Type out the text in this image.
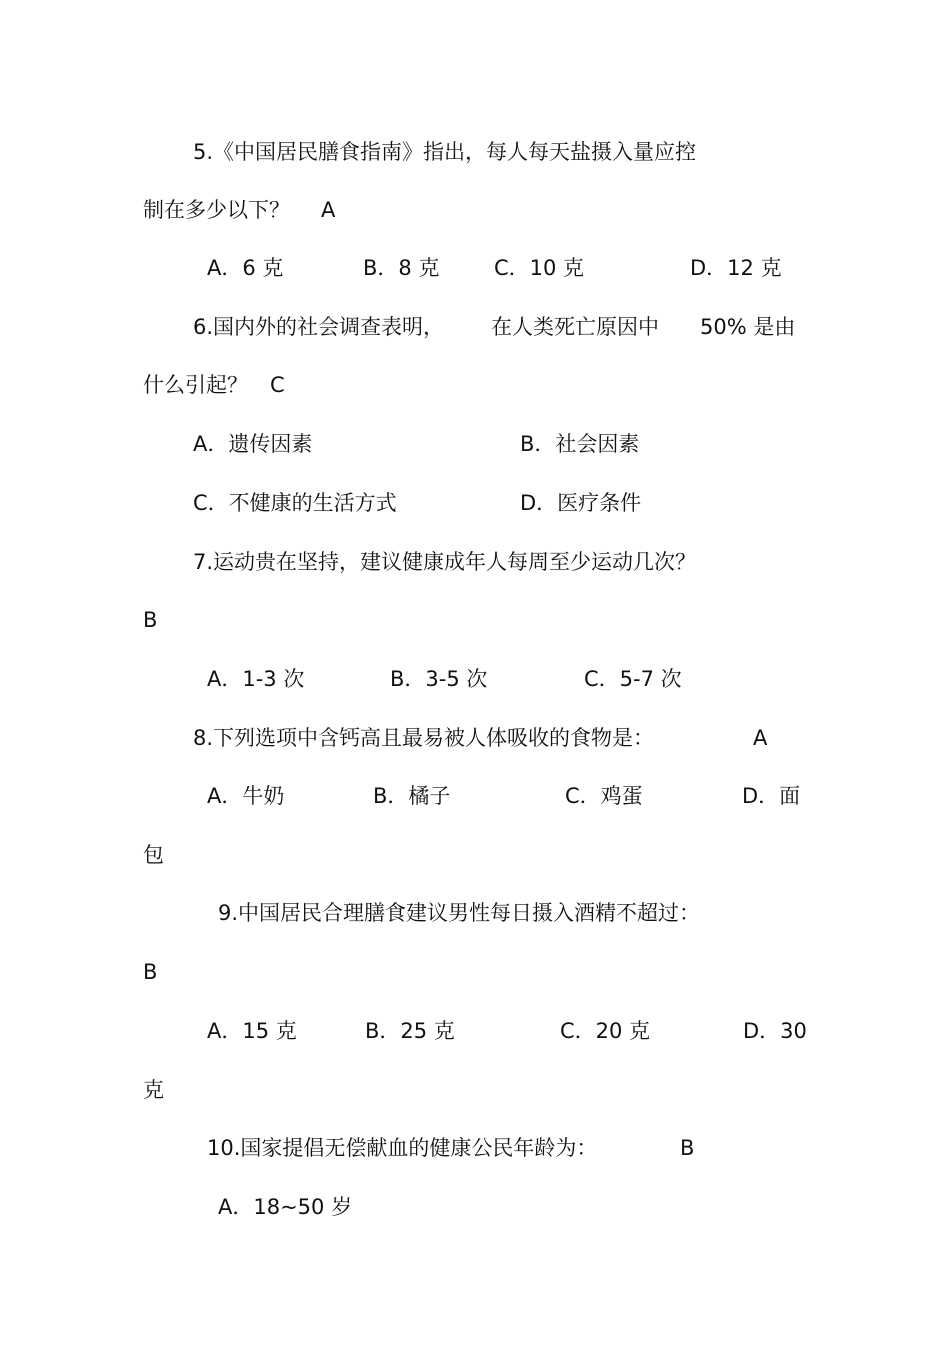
5.《中国居民膳食指南》指出，每人每天盐摄入量应控
制在多少以下？ A
A．6 克	B．8 克	C．10 克	D．12 克
6.国内外的社会调查表明， 在人类死亡原因中 50% 是由
什么引起？ C
A．遗传因素	B．社会因素
C．不健康的生活方式	D．医疗条件
7.运动贵在坚持，建议健康成年人每周至少运动几次？
B
A．1-3 次	B．3-5 次	C．5-7 次
8.下列选项中含钙高且最易被人体吸收的食物是：	A
A．牛奶	B．橘子	C．鸡蛋	D．面
包
9.中国居民合理膳食建议男性每日摄入酒精不超过：
B
A．15 克	B．25 克	C．20 克	D．30
克
10.国家提倡无偿献血的健康公民年龄为：	B
A．18~50 岁
